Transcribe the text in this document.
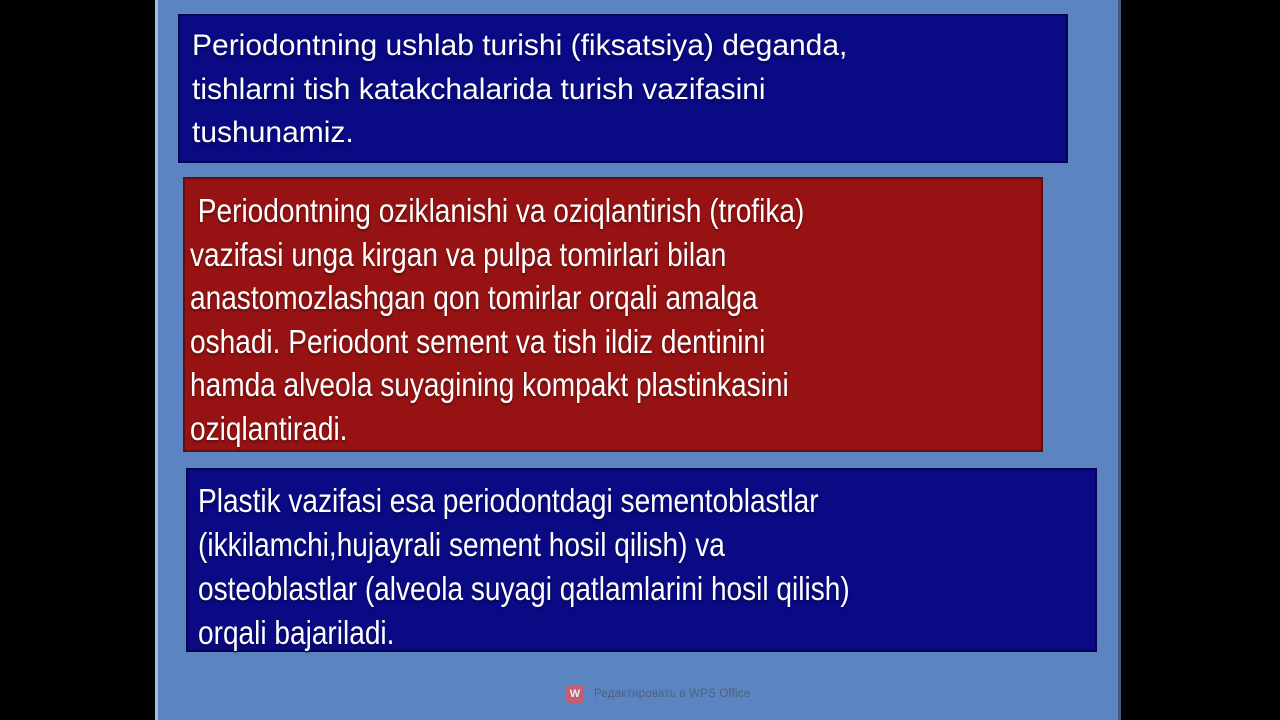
Periodontning ushlab turishi (fiksatsiya) deganda,
tishlarni tish katakchalarida turish vazifasini
tushunamiz.
Periodontning oziklanishi va oziqlantirish (trofika)
vazifasi unga kirgan va pulpa tomirlari bilan
anastomozlashgan qon tomirlar orqali amalga
oshadi. Periodont sement va tish ildiz dentinini
hamda alveola suyagining kompakt plastinkasini
oziqlantiradi.
Plastik vazifasi esa periodontdagi sementoblastlar
(ikkilamchi,hujayrali sement hosil qilish) va
osteoblastlar (alveola suyagi qatlamlarini hosil qilish)
orqali bajariladi.
W	Редактировать в WPS Office
